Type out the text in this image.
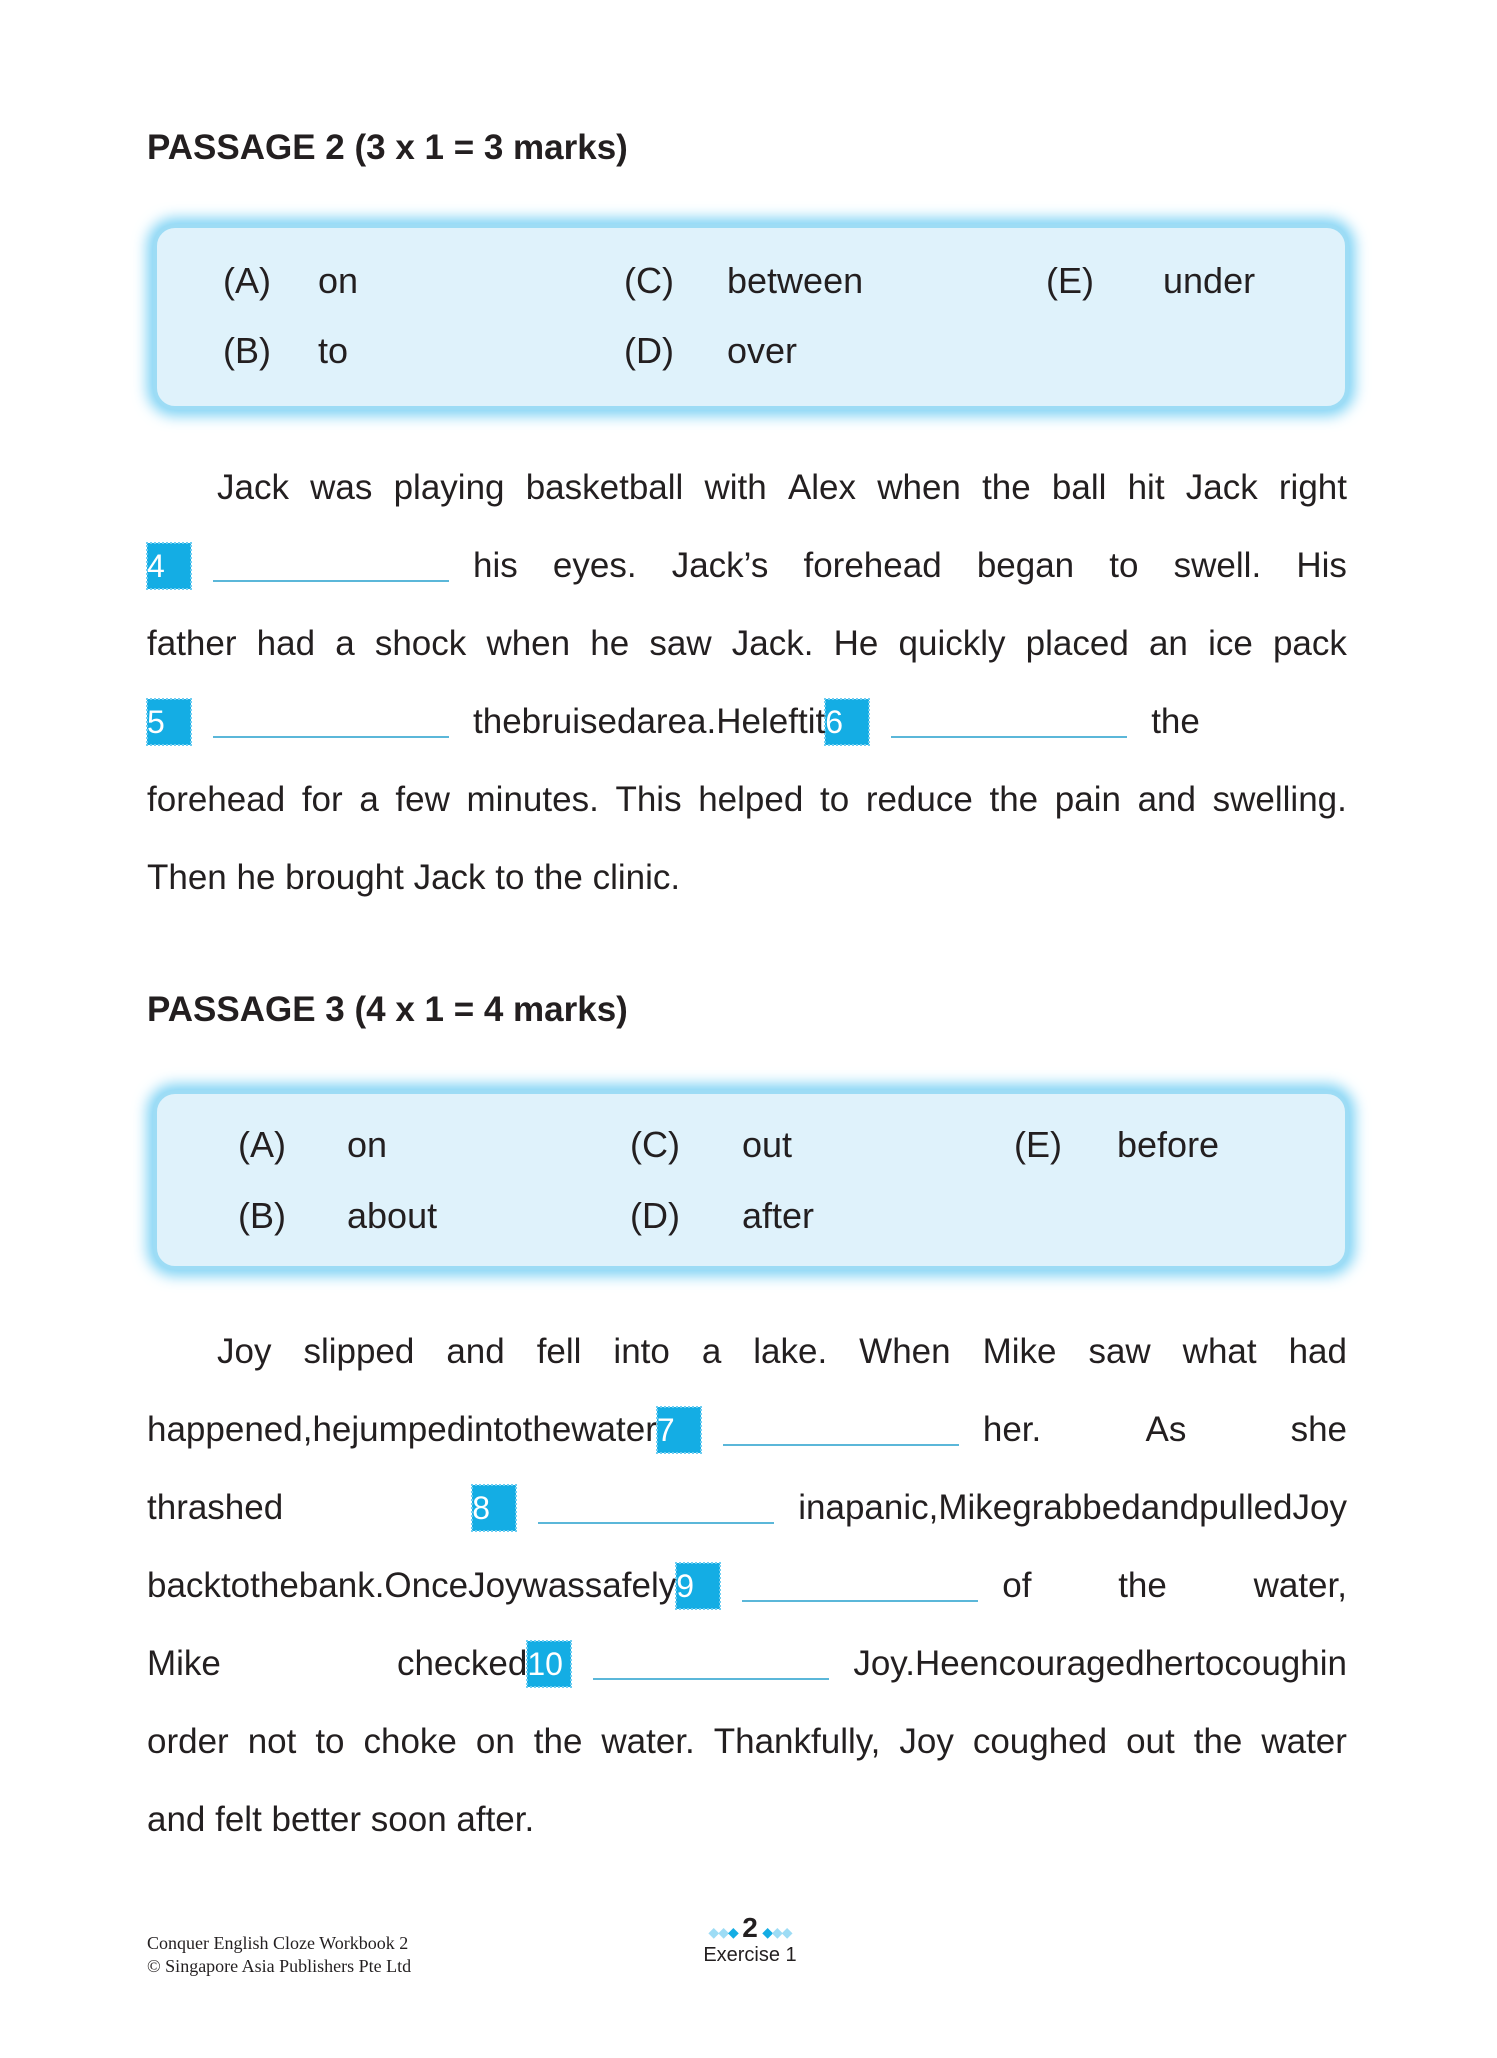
PASSAGE 2 (3 x 1 = 3 marks)
(A) on
(B) to
(C) between
(D) over
(E) under
Jack was playing basketball with Alex when the ball hit Jack right
4	his eyes. Jack’s forehead began to swell. His
father had a shock when he saw Jack. He quickly placed an ice pack
5	the bruised area. He left it 6	the
forehead for a few minutes. This helped to reduce the pain and swelling.
Then he brought Jack to the clinic.
PASSAGE 3 (4 x 1 = 4 marks)
(A) on
(B) about
(C) out
(D) after
(E) before
Joy slipped and fell into a lake. When Mike saw what had
happened, he jumped into the water 7	her.	As	she
thrashed	8	in a panic, Mike grabbed and pulled Joy
back to the bank. Once Joy was safely 9	of the water,
Mike	checked 10	Joy. He encouraged her to cough in
order not to choke on the water. Thankfully, Joy coughed out the water
and felt better soon after.
Conquer English Cloze Workbook 2
© Singapore Asia Publishers Pte Ltd
◆◆◆ 2 ◆◆◆
Exercise 1
